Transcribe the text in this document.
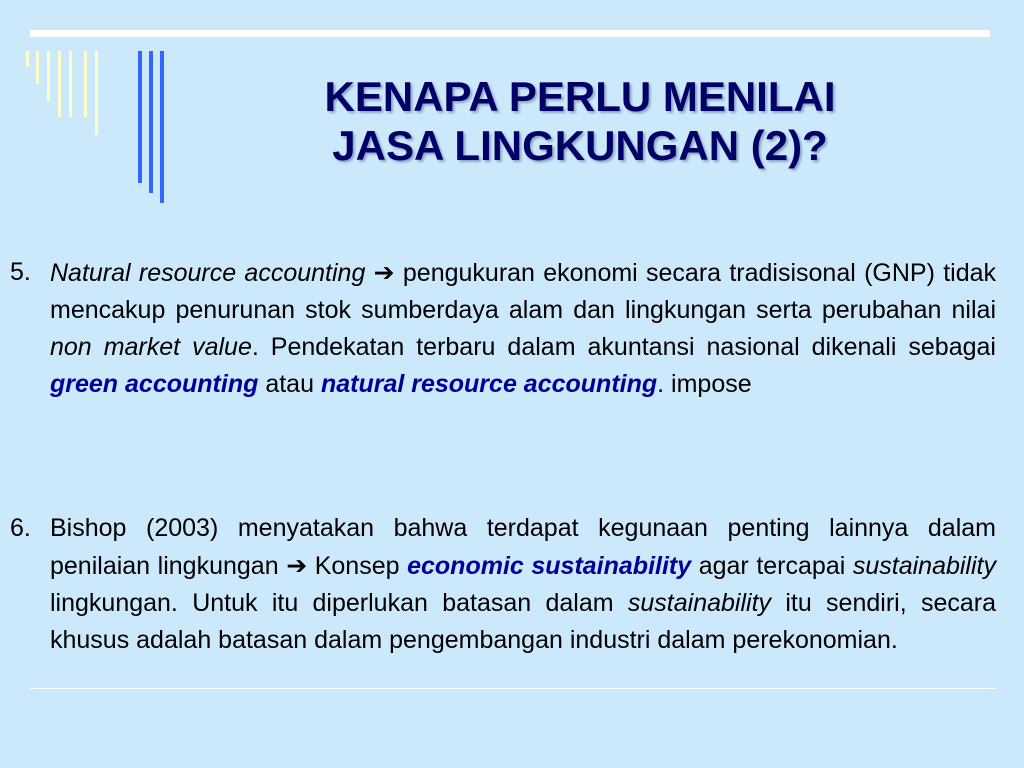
KENAPA PERLU MENILAI
JASA LINGKUNGAN (2)?
5. Natural resource accounting ➔ pengukuran ekonomi secara tradisisonal (GNP) tidak mencakup penurunan stok sumberdaya alam dan lingkungan serta perubahan nilai non market value. Pendekatan terbaru dalam akuntansi nasional dikenali sebagai green accounting atau natural resource accounting. impose
6. Bishop (2003) menyatakan bahwa terdapat kegunaan penting lainnya dalam penilaian lingkungan ➔ Konsep economic sustainability agar tercapai sustainability lingkungan. Untuk itu diperlukan batasan dalam sustainability itu sendiri, secara khusus adalah batasan dalam pengembangan industri dalam perekonomian.
